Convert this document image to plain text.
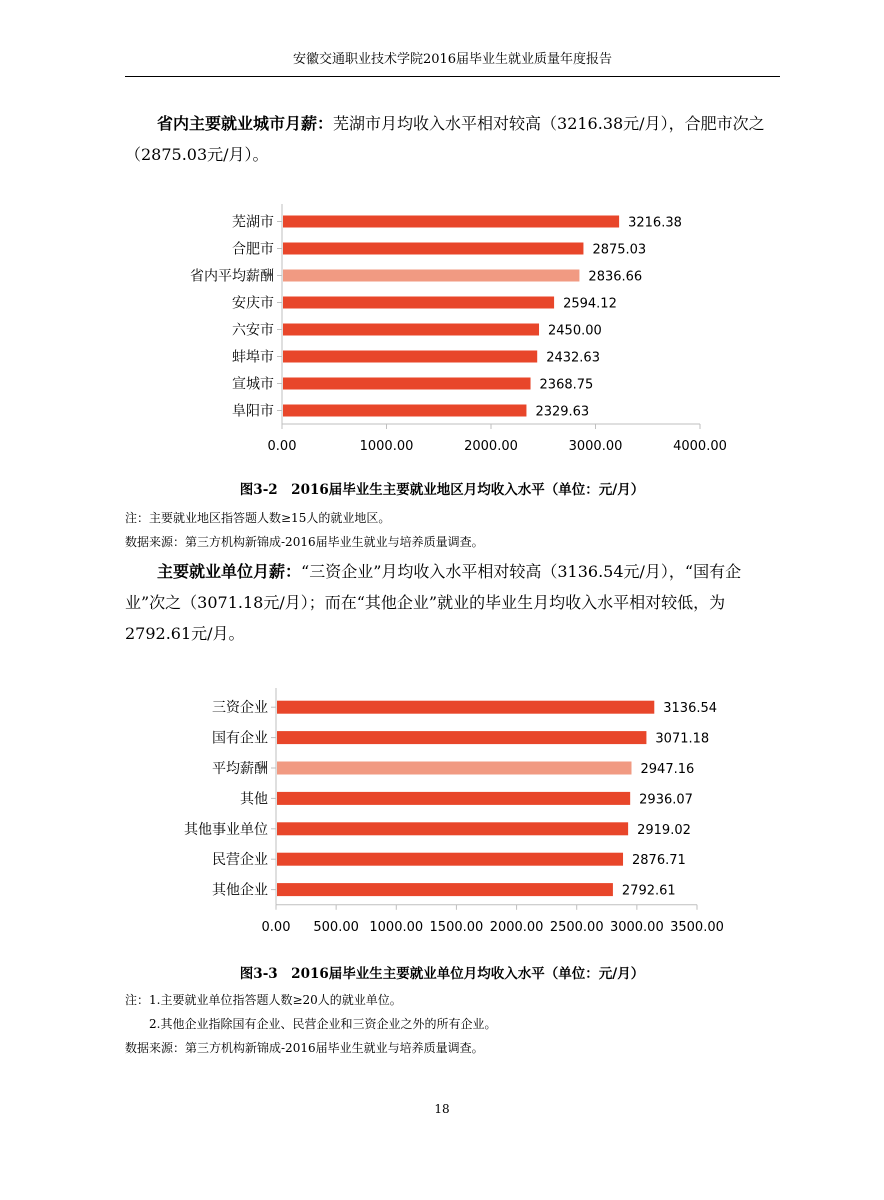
安徽交通职业技术学院2016届毕业生就业质量年度报告

省内主要就业城市月薪：芜湖市月均收入水平相对较高（3216.38元/月），合肥市次之（2875.03元/月）。

0.00	1000.00	2000.00	3000.00	4000.00
芜湖市	3216.38
合肥市	2875.03
省内平均薪酬	2836.66
安庆市	2594.12
六安市	2450.00
蚌埠市	2432.63
宣城市	2368.75
阜阳市	2329.63
图3-2　2016届毕业生主要就业地区月均收入水平（单位：元/月）
注：主要就业地区指答题人数≥15人的就业地区。
数据来源：第三方机构新锦成-2016届毕业生就业与培养质量调查。

主要就业单位月薪：“三资企业”月均收入水平相对较高（3136.54元/月），“国有企业”次之（3071.18元/月）；而在“其他企业”就业的毕业生月均收入水平相对较低，为2792.61元/月。

0.00 500.00 1000.00 1500.00 2000.00 2500.00 3000.00 3500.00
三资企业	3136.54
国有企业	3071.18
平均薪酬	2947.16
其他	2936.07
其他事业单位	2919.02
民营企业	2876.71
其他企业	2792.61
图3-3　2016届毕业生主要就业单位月均收入水平（单位：元/月）
注：1.主要就业单位指答题人数≥20人的就业单位。
2.其他企业指除国有企业、民营企业和三资企业之外的所有企业。
数据来源：第三方机构新锦成-2016届毕业生就业与培养质量调查。
18
